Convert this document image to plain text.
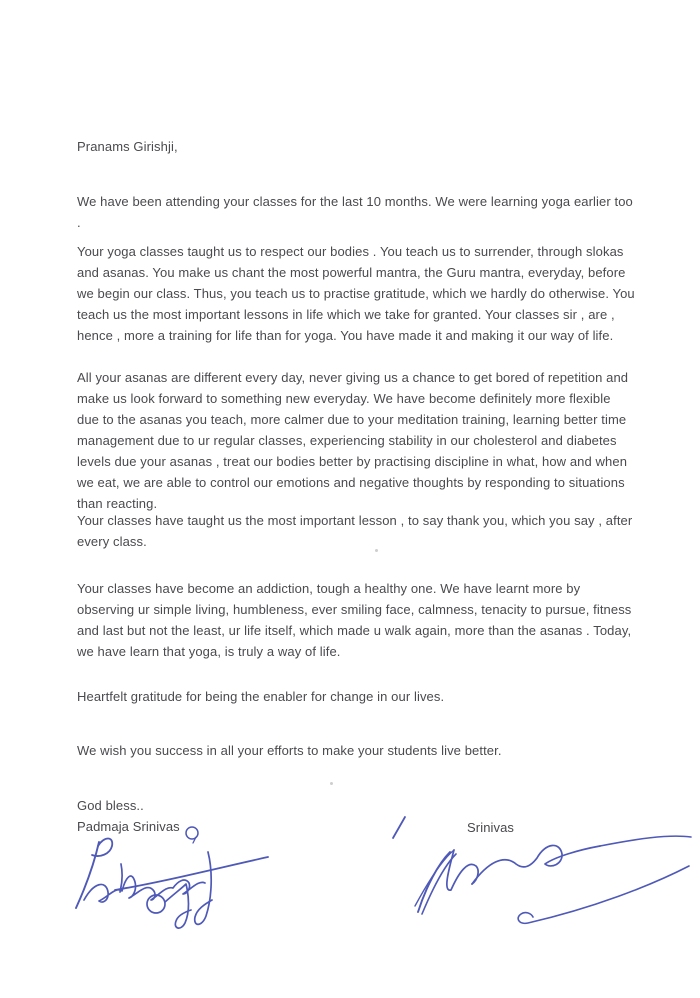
Pranams Girishji,
We have been attending your classes for the last 10 months. We were learning yoga earlier too .
Your yoga classes taught us to respect our bodies . You teach us to surrender, through slokas and asanas. You make us chant the most powerful mantra, the Guru mantra, everyday, before we begin our class. Thus, you teach us to practise gratitude, which we hardly do otherwise. You teach us the most important lessons in life which we take for granted. Your classes sir , are , hence , more a training for life than for yoga. You have made it and making it our way of life.
All your asanas are different every day, never giving us a chance to get bored of repetition and make us look forward to something new everyday. We have become definitely more flexible due to the asanas you teach, more calmer due to your meditation training, learning better time management due to ur regular classes, experiencing stability in our cholesterol and diabetes levels due your asanas , treat our bodies better by practising discipline in what, how and when we eat, we are able to control our emotions and negative thoughts by responding to situations than reacting.
Your classes have taught us the most important lesson , to say thank you, which you say , after every class.
Your classes have become an addiction, tough a healthy one. We have learnt more by observing ur simple living, humbleness, ever smiling face, calmness, tenacity to pursue, fitness and last but not the least, ur life itself, which made u walk again, more than the asanas . Today, we have learn that yoga, is truly a way of life.
Heartfelt gratitude for being the enabler for change in our lives.
We wish you success in all your efforts to make your students live better.
God bless..
Padmaja Srinivas	Srinivas
